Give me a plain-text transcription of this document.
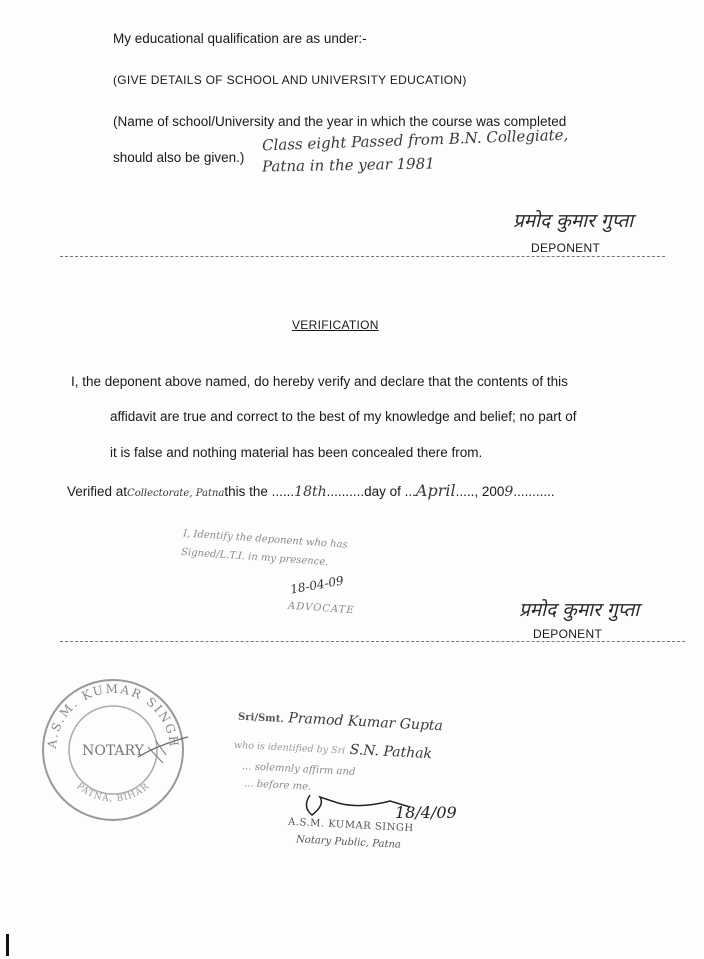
My educational qualification are as under:-
(GIVE DETAILS OF SCHOOL AND UNIVERSITY EDUCATION)
(Name of school/University and the year in which the course was completed
should also be given.)
Class eight Passed from B.N. Collegiate,
Patna in the year 1981
प्रमोद कुमार गुप्ता
DEPONENT
VERIFICATION
I, the deponent above named, do hereby verify and declare that the contents of this
affidavit are true and correct to the best of my knowledge and belief; no part of
it is false and nothing material has been concealed there from.
Verified atCollectorate, Patnathis the ......18th..........day of ...April....., 2009...........
I, Identify the deponent who has
Signed/L.T.I. in my presence.
18-04-09
ADVOCATE	प्रमोद कुमार गुप्ता
DEPONENT
A.S.M. KUMAR SINGH
PATNA, BIHAR
NOTARY
Sri/Smt. Pramod Kumar Gupta
who is identified by Sri S.N. Pathak
... solemnly affirm and
... before me.
18/4/09
A.S.M. KUMAR SINGH
Notary Public, Patna
